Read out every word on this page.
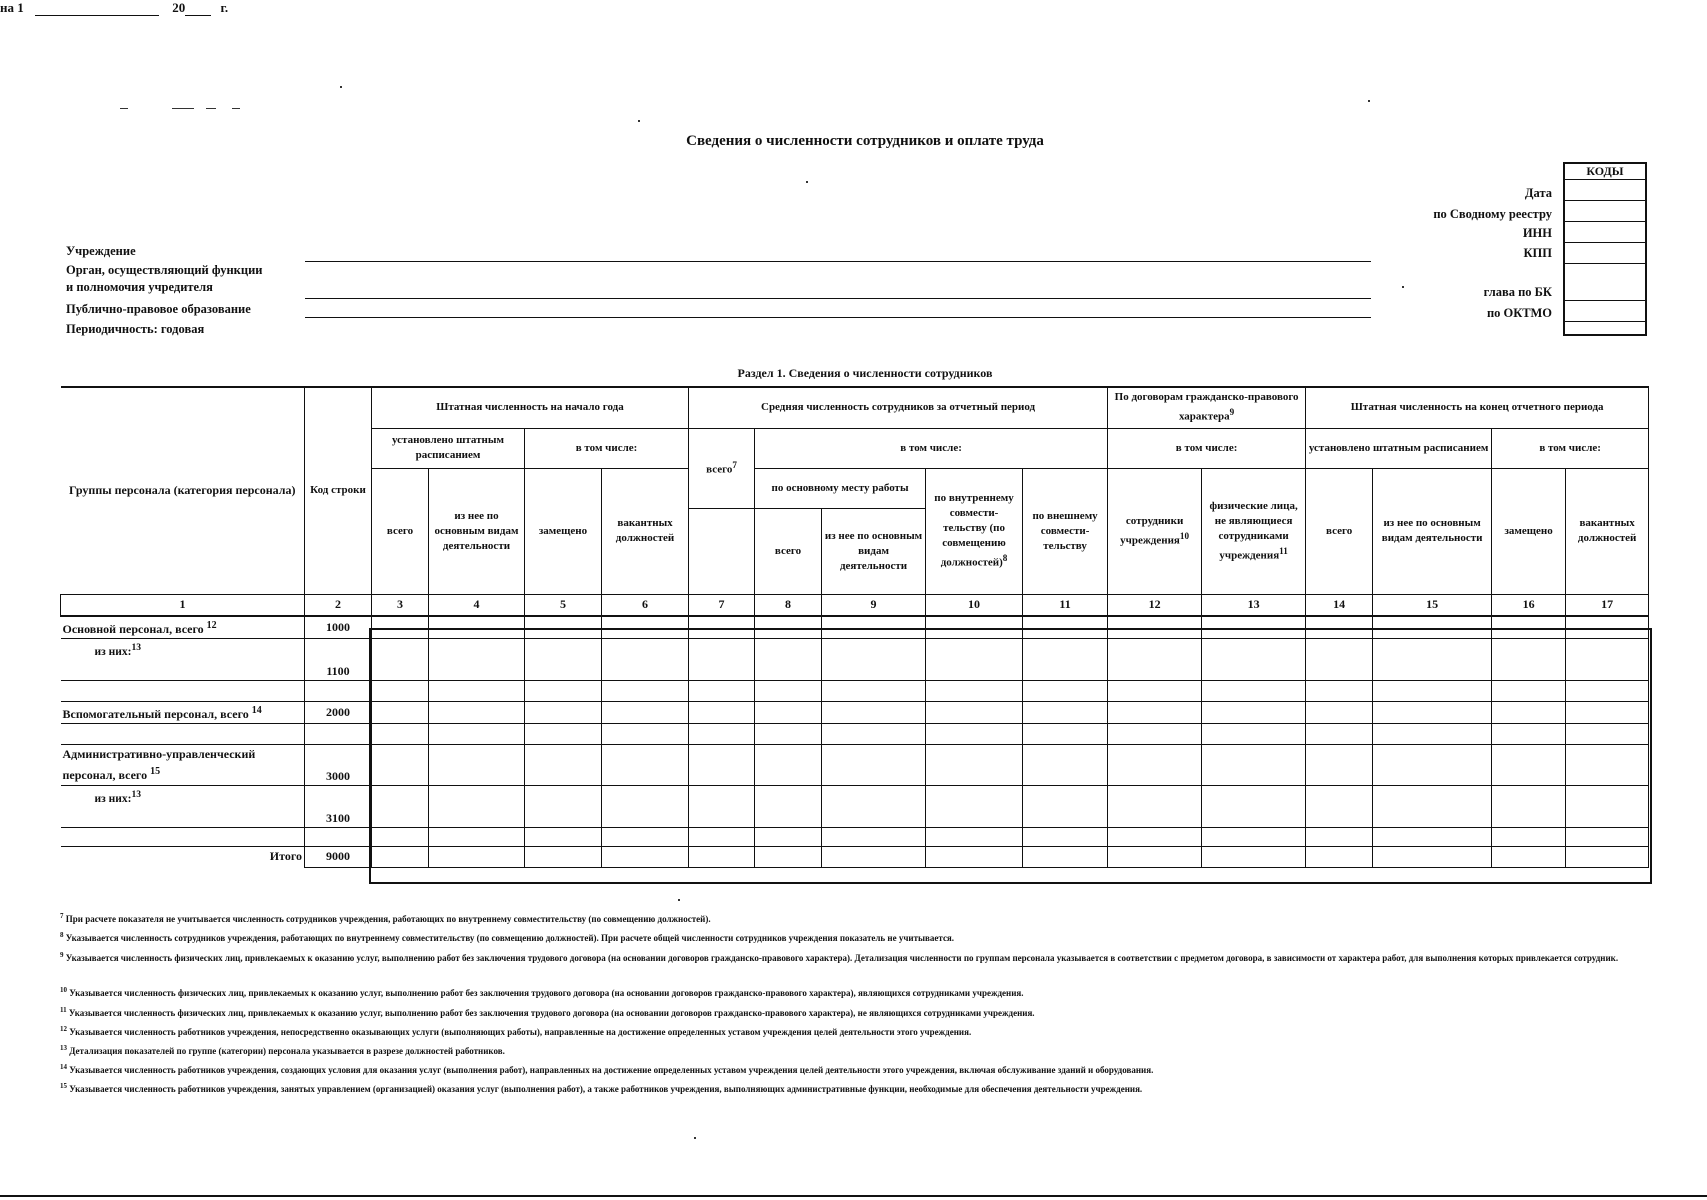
Сведения о численности сотрудников и оплате труда
на 1	20	г.
Учреждение
Орган, осуществляющий функции
и полномочия учредителя
Публично-правовое образование
Периодичность: годовая
Дата
по Сводному реестру
ИНН
КПП
глава по БК
по ОКТМО
КОДЫ

Раздел 1. Сведения о численности сотрудников
Группы персонала (категория персонала)	Код строки	Штатная численность на начало года				Средняя численность сотрудников за отчетный период					По договорам гражданско-правового характера$^9$		Штатная численность на конец отчетного периода			
		установлено штатным расписанием		в том числе:		всего$^7$	в том числе:				в том числе:		установлено штатным расписанием		в том числе:	
		всего	из нее по основным видам деятельности	замещено	вакантных должностей		по основному месту работы		по внутреннему совмести-тельству (по совмещению должностей)$^8$	по внешнему совмести-тельству	сотрудники учреждения$^{10}$	физические лица, не являющиеся сотрудниками учреждения$^{11}$	всего	из нее по основным видам деятельности	замещено	вакантных должностей
							всего	из нее по основным видам деятельности								
1	2	3	4	5	6	7	8	9	10	11	12	13	14	15	16	17
Основной персонал, всего $^{12}$	1000															
из них:$^{13}$	1100															

Вспомогательный персонал, всего $^{14}$	2000															

Административно-управленческий
персонал, всего $^{15}$	3000															
из них:$^{13}$	3100															

Итого	9000															
$^7$ При расчете показателя не учитывается численность сотрудников учреждения, работающих по внутреннему совместительству (по совмещению должностей).
$^8$ Указывается численность сотрудников учреждения, работающих по внутреннему совместительству (по совмещению должностей). При расчете общей численности сотрудников учреждения показатель не учитывается.
$^9$ Указывается численность физических лиц, привлекаемых к оказанию услуг, выполнению работ без заключения трудового договора (на основании договоров гражданско-правового характера). Детализация численности по группам персонала указывается в соответствии с предметом договора, в зависимости от характера работ, для выполнения которых привлекается сотрудник.
$^{10}$ Указывается численность физических лиц, привлекаемых к оказанию услуг, выполнению работ без заключения трудового договора (на основании договоров гражданско-правового характера), являющихся сотрудниками учреждения.
$^{11}$ Указывается численность физических лиц, привлекаемых к оказанию услуг, выполнению работ без заключения трудового договора (на основании договоров гражданско-правового характера), не являющихся сотрудниками учреждения.
$^{12}$ Указывается численность работников учреждения, непосредственно оказывающих услуги (выполняющих работы), направленные на достижение определенных уставом учреждения целей деятельности этого учреждения.
$^{13}$ Детализация показателей по группе (категории) персонала указывается в разрезе должностей работников.
$^{14}$ Указывается численность работников учреждения, создающих условия для оказания услуг (выполнения работ), направленных на достижение определенных уставом учреждения целей деятельности этого учреждения, включая обслуживание зданий и оборудования.
$^{15}$ Указывается численность работников учреждения, занятых управлением (организацией) оказания услуг (выполнения работ), а также работников учреждения, выполняющих административные функции, необходимые для обеспечения деятельности учреждения.
